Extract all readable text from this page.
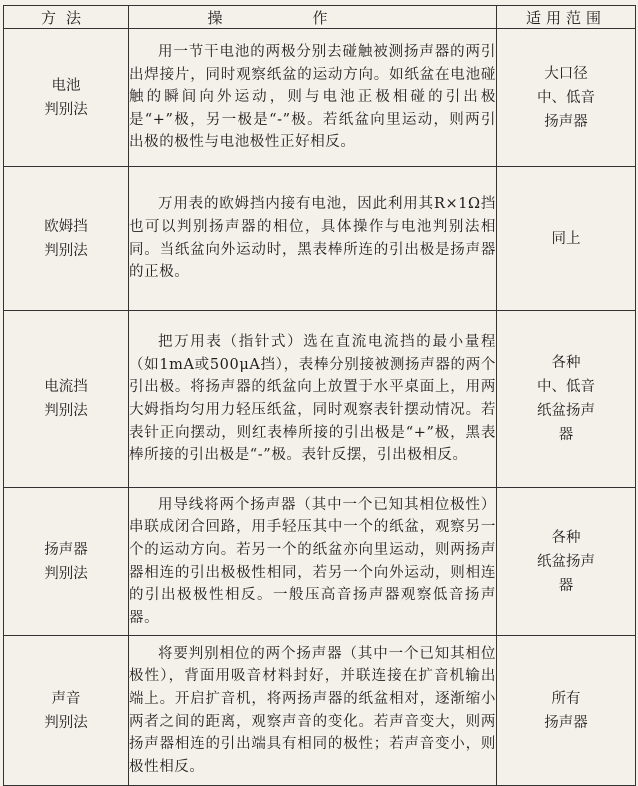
方法	操作	适用范围

电池
判别法	用一节干电池的两极分别去碰触被测扬声器的两引出焊接片，同时观察纸盆的运动方向。如纸盆在电池碰触的瞬间向外运动，则与电池正极相碰的引出极是“+”极，另一极是“-”极。若纸盆向里运动，则两引出极的极性与电池极性正好相反。	大口径
中、低音
扬声器

欧姆挡
判别法	万用表的欧姆挡内接有电池，因此利用其R×1Ω挡也可以判别扬声器的相位，具体操作与电池判别法相同。当纸盆向外运动时，黑表棒所连的引出极是扬声器的正极。	同上

电流挡
判别法	把万用表（指针式）选在直流电流挡的最小量程（如1mA或500μA挡），表棒分别接被测扬声器的两个引出极。将扬声器的纸盆向上放置于水平桌面上，用两大姆指均匀用力轻压纸盆，同时观察表针摆动情况。若表针正向摆动，则红表棒所接的引出极是“+”极，黑表棒所接的引出极是“-”极。表针反摆，引出极相反。	各种
中、低音
纸盆扬声
器

扬声器
判别法	用导线将两个扬声器（其中一个已知其相位极性）串联成闭合回路，用手轻压其中一个的纸盆，观察另一个的运动方向。若另一个的纸盆亦向里运动，则两扬声器相连的引出极极性相同，若另一个向外运动，则相连的引出极极性相反。一般压高音扬声器观察低音扬声器。	各种
纸盆扬声
器

声音
判别法	将要判别相位的两个扬声器（其中一个已知其相位极性），背面用吸音材料封好，并联连接在扩音机输出端上。开启扩音机，将两扬声器的纸盆相对，逐渐缩小两者之间的距离，观察声音的变化。若声音变大，则两扬声器相连的引出端具有相同的极性；若声音变小，则极性相反。	所有
扬声器
